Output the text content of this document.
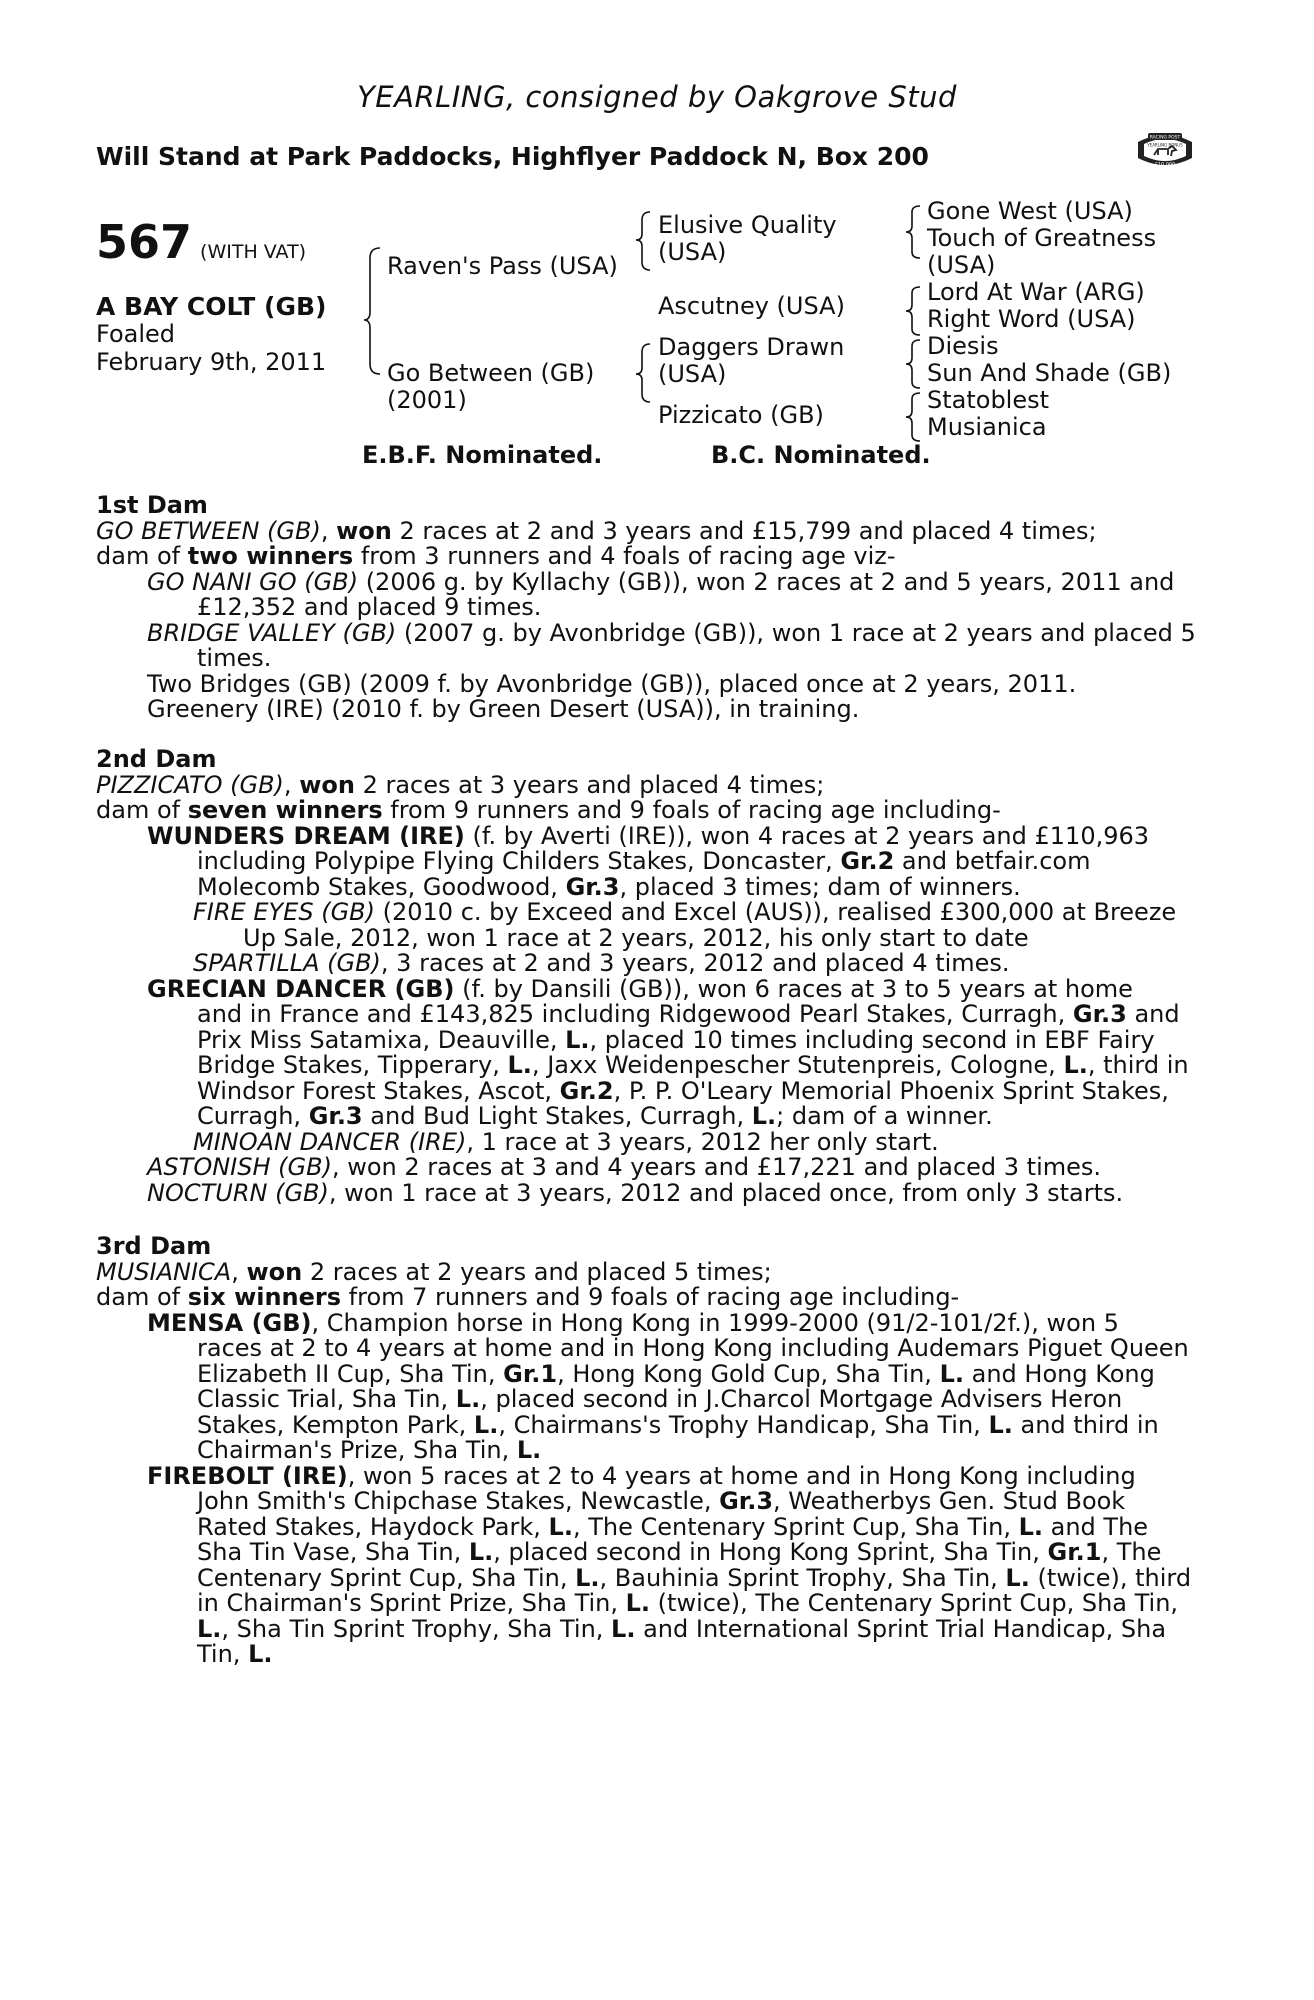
YEARLING, consigned by Oakgrove Stud
Will Stand at Park Paddocks, Highflyer Paddock N, Box 200
RACING POST
YEARLING BONUS
£10,000
567 (WITH VAT)
A BAY COLT (GB)
Foaled
February 9th, 2011
Raven's Pass (USA)
Go Between (GB)
(2001)
Elusive Quality
(USA)
Ascutney (USA)
Daggers Drawn
(USA)
Pizzicato (GB)
Gone West (USA)
Touch of Greatness
(USA)
Lord At War (ARG)
Right Word (USA)
Diesis
Sun And Shade (GB)
Statoblest
Musianica
E.B.F. Nominated.	B.C. Nominated.
1st Dam
GO BETWEEN (GB), won 2 races at 2 and 3 years and £15,799 and placed 4 times;
dam of two winners from 3 runners and 4 foals of racing age viz-
GO NANI GO (GB) (2006 g. by Kyllachy (GB)), won 2 races at 2 and 5 years, 2011 and
£12,352 and placed 9 times.
BRIDGE VALLEY (GB) (2007 g. by Avonbridge (GB)), won 1 race at 2 years and placed 5
times.
Two Bridges (GB) (2009 f. by Avonbridge (GB)), placed once at 2 years, 2011.
Greenery (IRE) (2010 f. by Green Desert (USA)), in training.
2nd Dam
PIZZICATO (GB), won 2 races at 3 years and placed 4 times;
dam of seven winners from 9 runners and 9 foals of racing age including-
WUNDERS DREAM (IRE) (f. by Averti (IRE)), won 4 races at 2 years and £110,963
including Polypipe Flying Childers Stakes, Doncaster, Gr.2 and betfair.com
Molecomb Stakes, Goodwood, Gr.3, placed 3 times; dam of winners.
FIRE EYES (GB) (2010 c. by Exceed and Excel (AUS)), realised £300,000 at Breeze
Up Sale, 2012, won 1 race at 2 years, 2012, his only start to date
SPARTILLA (GB), 3 races at 2 and 3 years, 2012 and placed 4 times.
GRECIAN DANCER (GB) (f. by Dansili (GB)), won 6 races at 3 to 5 years at home
and in France and £143,825 including Ridgewood Pearl Stakes, Curragh, Gr.3 and
Prix Miss Satamixa, Deauville, L., placed 10 times including second in EBF Fairy
Bridge Stakes, Tipperary, L., Jaxx Weidenpescher Stutenpreis, Cologne, L., third in
Windsor Forest Stakes, Ascot, Gr.2, P. P. O'Leary Memorial Phoenix Sprint Stakes,
Curragh, Gr.3 and Bud Light Stakes, Curragh, L.; dam of a winner.
MINOAN DANCER (IRE), 1 race at 3 years, 2012 her only start.
ASTONISH (GB), won 2 races at 3 and 4 years and £17,221 and placed 3 times.
NOCTURN (GB), won 1 race at 3 years, 2012 and placed once, from only 3 starts.
3rd Dam
MUSIANICA, won 2 races at 2 years and placed 5 times;
dam of six winners from 7 runners and 9 foals of racing age including-
MENSA (GB), Champion horse in Hong Kong in 1999-2000 (91/2-101/2f.), won 5
races at 2 to 4 years at home and in Hong Kong including Audemars Piguet Queen
Elizabeth II Cup, Sha Tin, Gr.1, Hong Kong Gold Cup, Sha Tin, L. and Hong Kong
Classic Trial, Sha Tin, L., placed second in J.Charcol Mortgage Advisers Heron
Stakes, Kempton Park, L., Chairmans's Trophy Handicap, Sha Tin, L. and third in
Chairman's Prize, Sha Tin, L.
FIREBOLT (IRE), won 5 races at 2 to 4 years at home and in Hong Kong including
John Smith's Chipchase Stakes, Newcastle, Gr.3, Weatherbys Gen. Stud Book
Rated Stakes, Haydock Park, L., The Centenary Sprint Cup, Sha Tin, L. and The
Sha Tin Vase, Sha Tin, L., placed second in Hong Kong Sprint, Sha Tin, Gr.1, The
Centenary Sprint Cup, Sha Tin, L., Bauhinia Sprint Trophy, Sha Tin, L. (twice), third
in Chairman's Sprint Prize, Sha Tin, L. (twice), The Centenary Sprint Cup, Sha Tin,
L., Sha Tin Sprint Trophy, Sha Tin, L. and International Sprint Trial Handicap, Sha
Tin, L.
